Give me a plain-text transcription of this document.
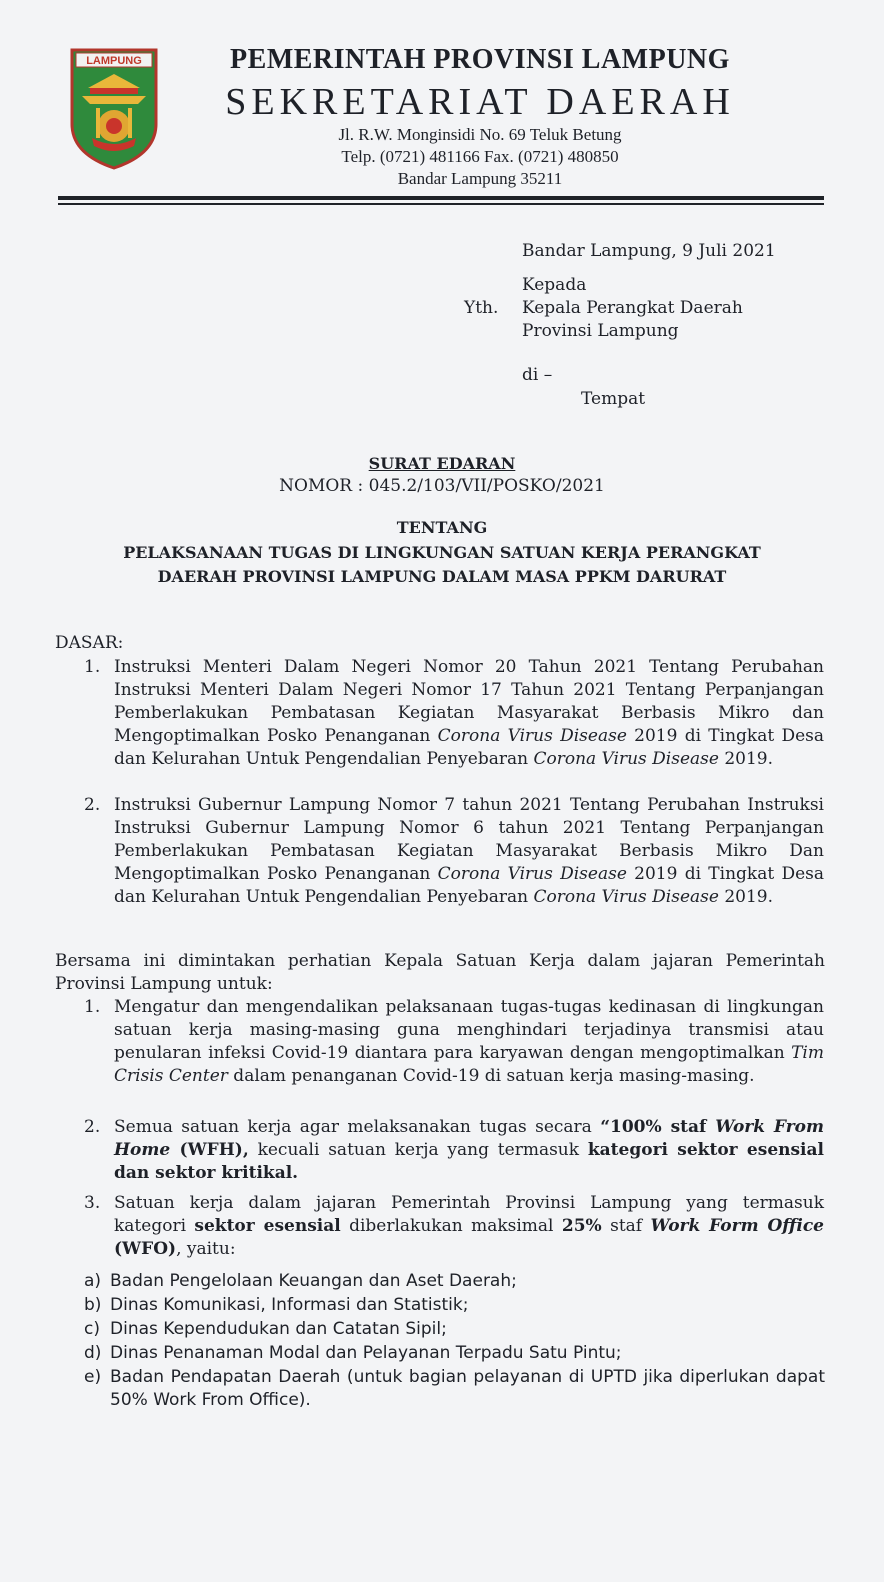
LAMPUNG	PEMERINTAH PROVINSI LAMPUNG
SEKRETARIAT DAERAH
Jl. R.W. Monginsidi No. 69 Teluk Betung
Telp. (0721) 481166 Fax. (0721) 480850
Bandar Lampung 35211
Bandar Lampung, 9 Juli 2021
Kepada
Yth. Kepala Perangkat Daerah
Provinsi Lampung
di –
Tempat
SURAT EDARAN
NOMOR : 045.2/103/VII/POSKO/2021
TENTANG
PELAKSANAAN TUGAS DI LINGKUNGAN SATUAN KERJA PERANGKAT
DAERAH PROVINSI LAMPUNG DALAM MASA PPKM DARURAT
DASAR:
1. Instruksi Menteri Dalam Negeri Nomor 20 Tahun 2021 Tentang Perubahan Instruksi Menteri Dalam Negeri Nomor 17 Tahun 2021 Tentang Perpanjangan Pemberlakukan Pembatasan Kegiatan Masyarakat Berbasis Mikro dan Mengoptimalkan Posko Penanganan Corona Virus Disease 2019 di Tingkat Desa dan Kelurahan Untuk Pengendalian Penyebaran Corona Virus Disease 2019.
2. Instruksi Gubernur Lampung Nomor 7 tahun 2021 Tentang Perubahan Instruksi Instruksi Gubernur Lampung Nomor 6 tahun 2021 Tentang Perpanjangan Pemberlakukan Pembatasan Kegiatan Masyarakat Berbasis Mikro Dan Mengoptimalkan Posko Penanganan Corona Virus Disease 2019 di Tingkat Desa dan Kelurahan Untuk Pengendalian Penyebaran Corona Virus Disease 2019.
Bersama ini dimintakan perhatian Kepala Satuan Kerja dalam jajaran Pemerintah Provinsi Lampung untuk:
1. Mengatur dan mengendalikan pelaksanaan tugas-tugas kedinasan di lingkungan satuan kerja masing-masing guna menghindari terjadinya transmisi atau penularan infeksi Covid-19 diantara para karyawan dengan mengoptimalkan Tim Crisis Center dalam penanganan Covid-19 di satuan kerja masing-masing.
2. Semua satuan kerja agar melaksanakan tugas secara “100% staf Work From Home (WFH), kecuali satuan kerja yang termasuk kategori sektor esensial dan sektor kritikal.
3. Satuan kerja dalam jajaran Pemerintah Provinsi Lampung yang termasuk kategori sektor esensial diberlakukan maksimal 25% staf Work Form Office (WFO), yaitu:
a) Badan Pengelolaan Keuangan dan Aset Daerah;
b) Dinas Komunikasi, Informasi dan Statistik;
c) Dinas Kependudukan dan Catatan Sipil;
d) Dinas Penanaman Modal dan Pelayanan Terpadu Satu Pintu;
e) Badan Pendapatan Daerah (untuk bagian pelayanan di UPTD jika diperlukan dapat 50% Work From Office).
